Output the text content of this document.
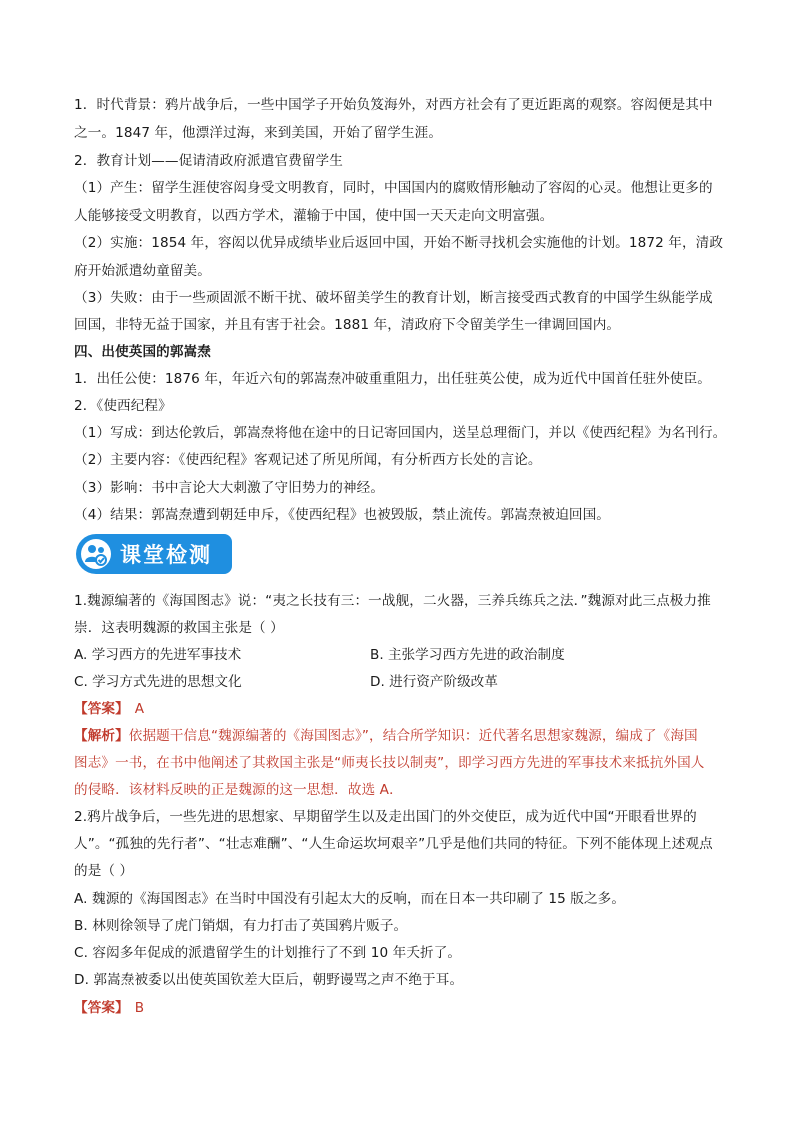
1．时代背景：鸦片战争后，一些中国学子开始负笈海外，对西方社会有了更近距离的观察。容闳便是其中
之一。1847 年，他漂洋过海，来到美国，开始了留学生涯。
2．教育计划——促请清政府派遣官费留学生
（1）产生：留学生涯使容闳身受文明教育，同时，中国国内的腐败情形触动了容闳的心灵。他想让更多的
人能够接受文明教育，以西方学术，灌输于中国，使中国一天天走向文明富强。
（2）实施：1854 年，容闳以优异成绩毕业后返回中国，开始不断寻找机会实施他的计划。1872 年，清政
府开始派遣幼童留美。
（3）失败：由于一些顽固派不断干扰、破坏留美学生的教育计划，断言接受西式教育的中国学生纵能学成
回国，非特无益于国家，并且有害于社会。1881 年，清政府下令留美学生一律调回国内。
四、出使英国的郭嵩焘
1．出任公使：1876 年，年近六旬的郭嵩焘冲破重重阻力，出任驻英公使，成为近代中国首任驻外使臣。
2．《使西纪程》
（1）写成：到达伦敦后，郭嵩焘将他在途中的日记寄回国内，送呈总理衙门，并以《使西纪程》为名刊行。
（2）主要内容：《使西纪程》客观记述了所见所闻，有分析西方长处的言论。
（3）影响：书中言论大大刺激了守旧势力的神经。
（4）结果：郭嵩焘遭到朝廷申斥，《使西纪程》也被毁版，禁止流传。郭嵩焘被迫回国。
课堂检测
1.魏源编著的《海国图志》说：“夷之长技有三：一战舰，二火器，三养兵练兵之法．”魏源对此三点极力推
崇．这表明魏源的救国主张是（ ）
A. 学习西方的先进军事技术	B. 主张学习西方先进的政治制度
C. 学习方式先进的思想文化	D. 进行资产阶级改革
【答案】 A
【解析】依据题干信息“魏源编著的《海国图志》”，结合所学知识：近代著名思想家魏源，编成了《海国
图志》一书，在书中他阐述了其救国主张是“师夷长技以制夷”，即学习西方先进的军事技术来抵抗外国人
的侵略．该材料反映的正是魏源的这一思想．故选 A．
2.鸦片战争后，一些先进的思想家、早期留学生以及走出国门的外交使臣，成为近代中国“开眼看世界的
人”。“孤独的先行者”、“壮志难酬”、“人生命运坎坷艰辛”几乎是他们共同的特征。下列不能体现上述观点
的是（ ）
A. 魏源的《海国图志》在当时中国没有引起太大的反响，而在日本一共印刷了 15 版之多。
B. 林则徐领导了虎门销烟，有力打击了英国鸦片贩子。
C. 容闳多年促成的派遣留学生的计划推行了不到 10 年夭折了。
D. 郭嵩焘被委以出使英国钦差大臣后，朝野谩骂之声不绝于耳。
【答案】 B
